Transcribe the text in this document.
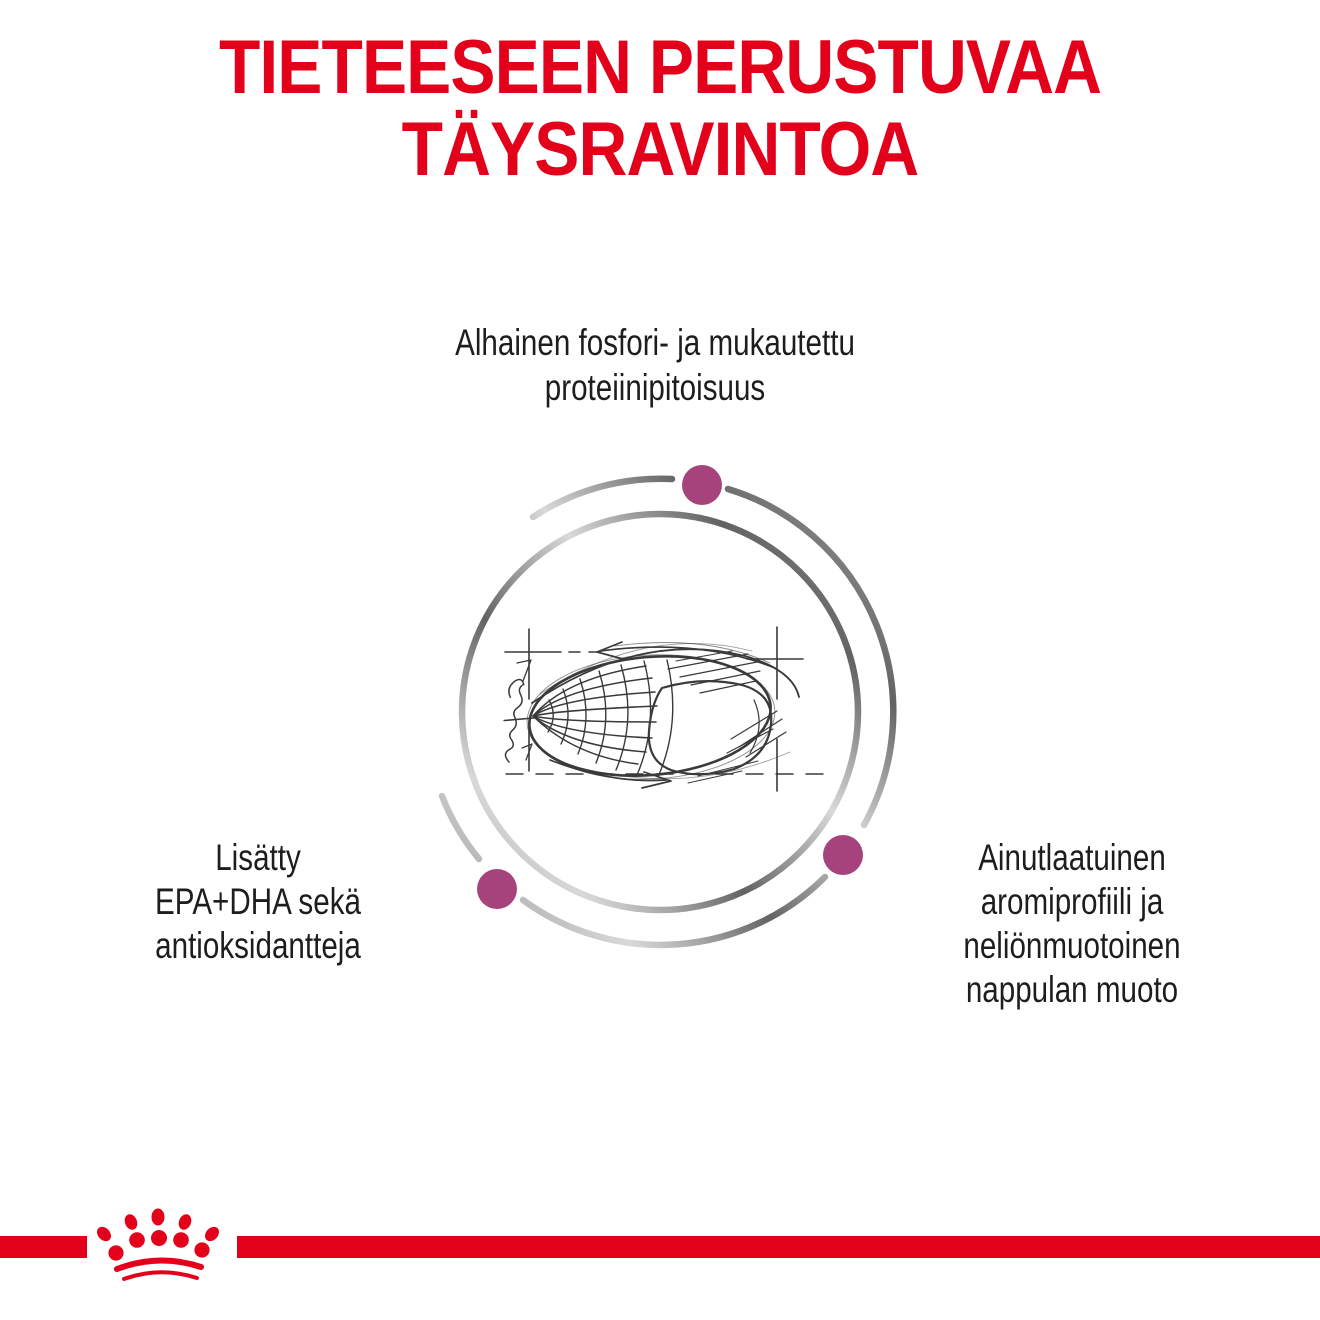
TIETEESEEN PERUSTUVAA
TÄYSRAVINTOA
Alhainen fosfori- ja mukautettu
proteiinipitoisuus
Lisätty
EPA+DHA sekä
antioksidantteja
Ainutlaatuinen
aromiprofiili ja
neliönmuotoinen
nappulan muoto
